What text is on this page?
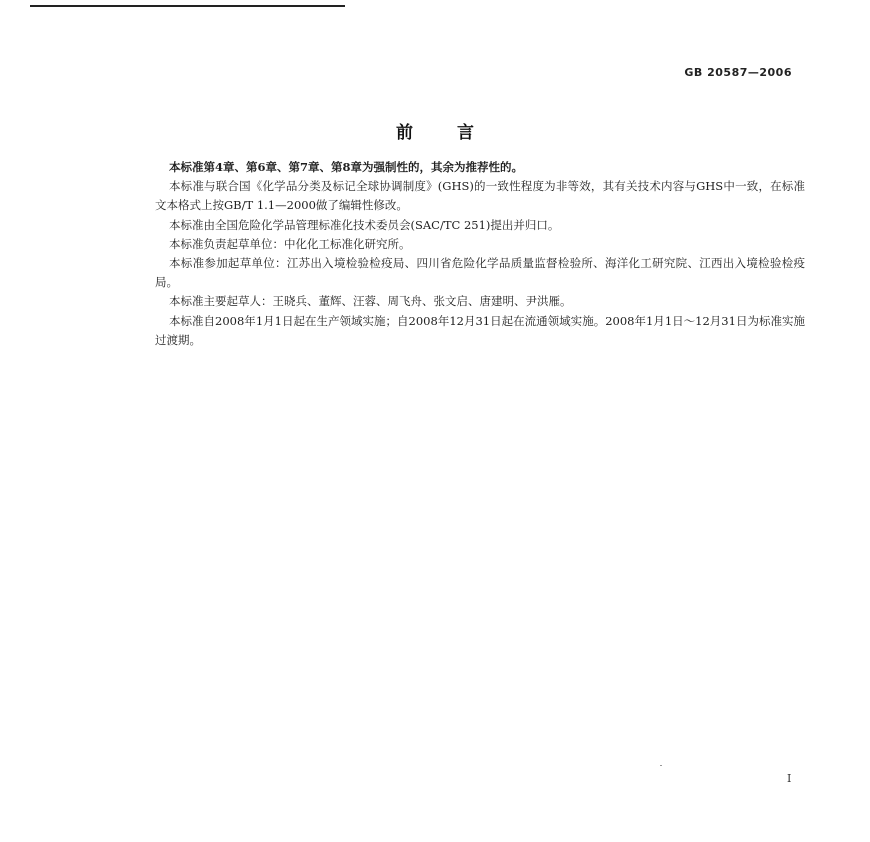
GB 20587—2006
前言

本标准第4章、第6章、第7章、第8章为强制性的，其余为推荐性的。

本标准与联合国《化学品分类及标记全球协调制度》(GHS)的一致性程度为非等效，其有关技术内容与GHS中一致，在标准文本格式上按GB/T 1.1—2000做了编辑性修改。

本标准由全国危险化学品管理标准化技术委员会(SAC/TC 251)提出并归口。

本标准负责起草单位：中化化工标准化研究所。

本标准参加起草单位：江苏出入境检验检疫局、四川省危险化学品质量监督检验所、海洋化工研究院、江西出入境检验检疫局。

本标准主要起草人：王晓兵、董辉、汪蓉、周飞舟、张文启、唐建明、尹洪雁。

本标准自2008年1月1日起在生产领域实施；自2008年12月31日起在流通领域实施。2008年1月1日～12月31日为标准实施过渡期。

I
